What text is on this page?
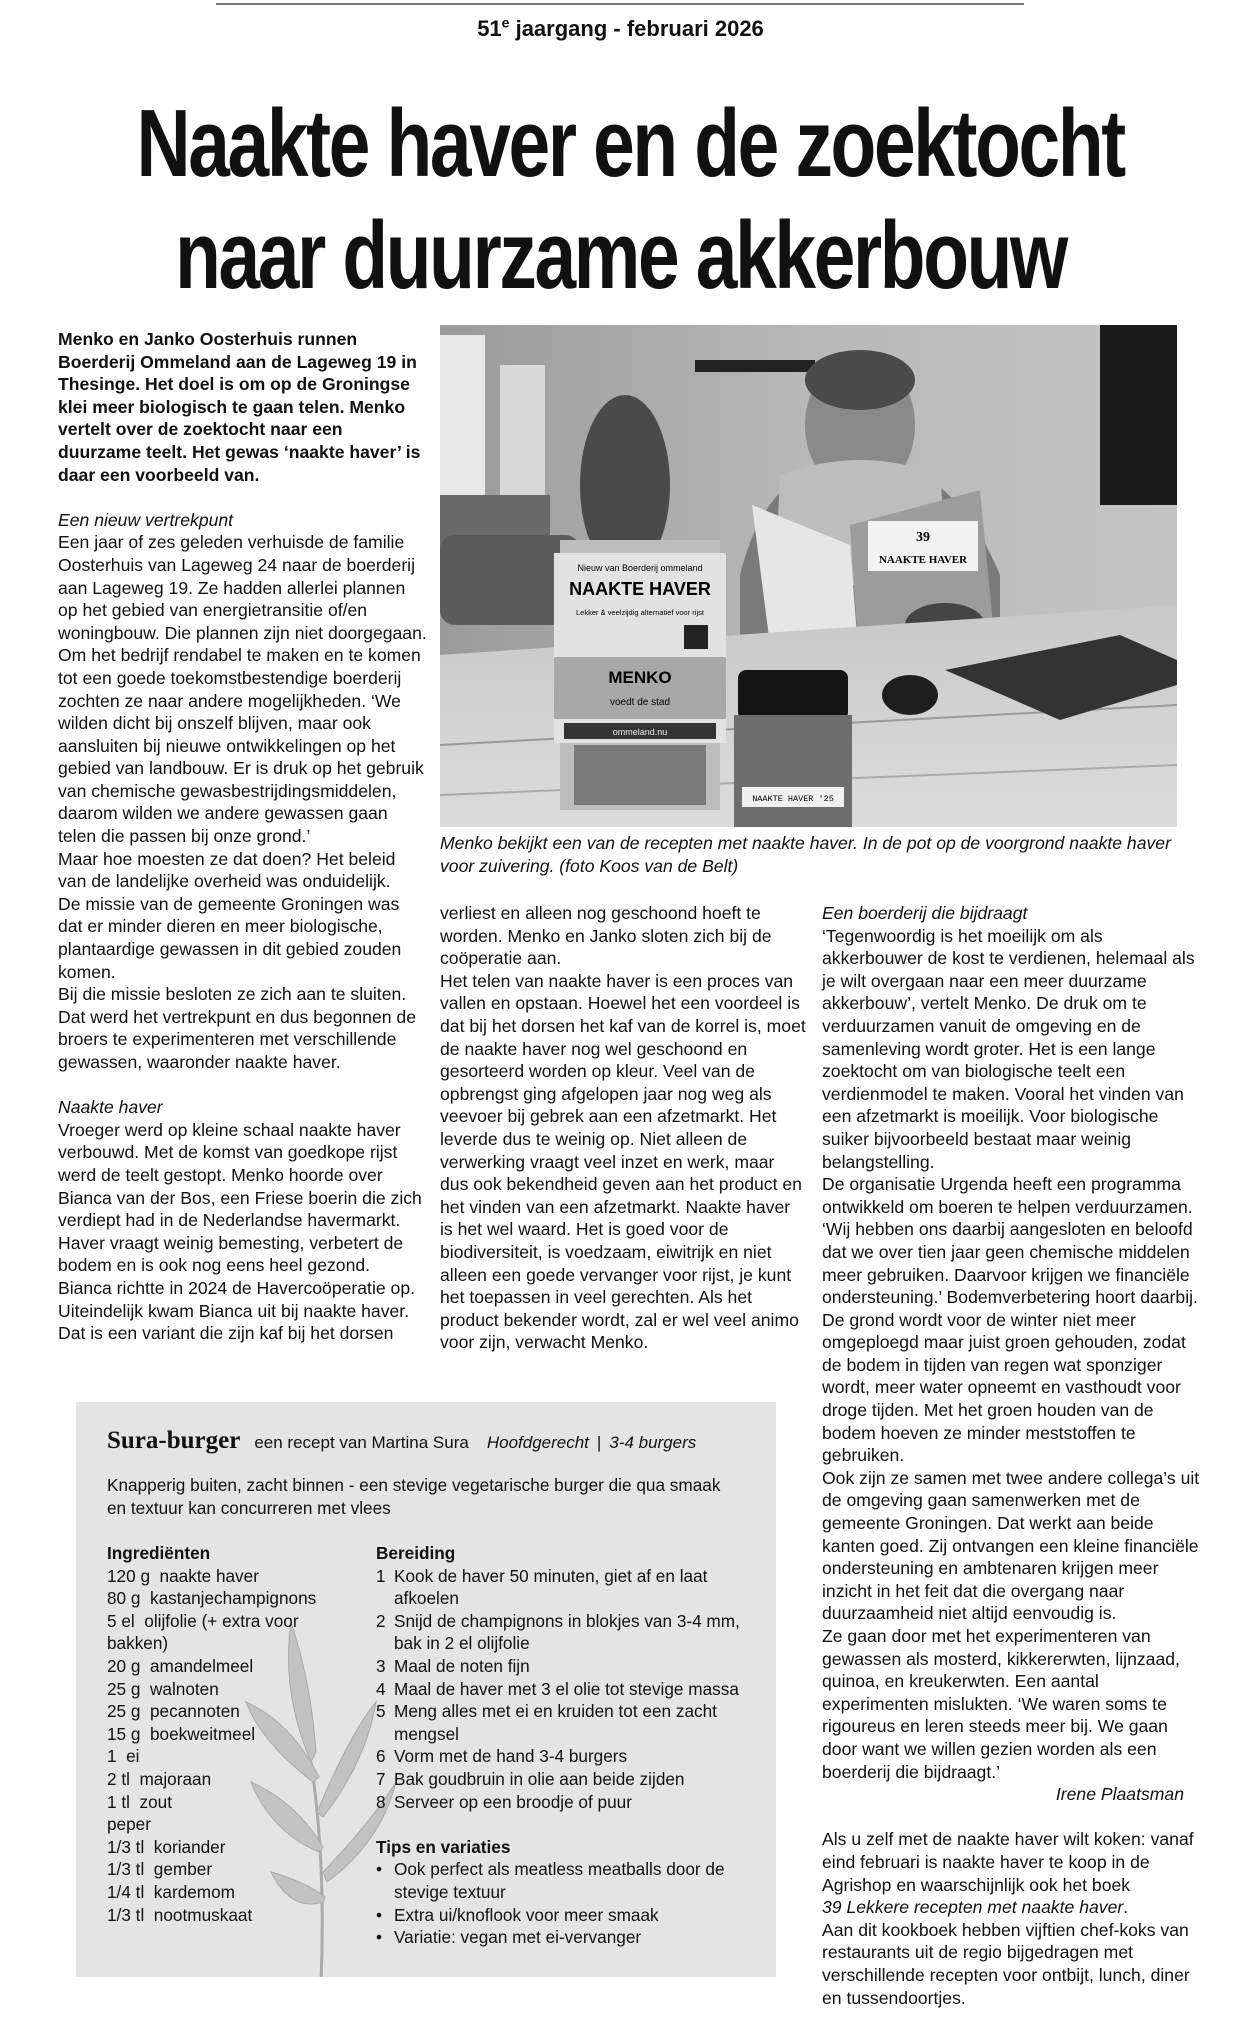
51e jaargang - februari 2026
Naakte haver en de zoektocht
naar duurzame akkerbouw

Menko en Janko Oosterhuis runnen Boerderij Ommeland aan de Lageweg 19 in Thesinge. Het doel is om op de Groningse klei meer biologisch te gaan telen. Menko vertelt over de zoektocht naar een duurzame teelt. Het gewas ‘naakte haver’ is daar een voorbeeld van.

Een nieuw vertrekpunt

Een jaar of zes geleden verhuisde de familie Oosterhuis van Lageweg 24 naar de boerderij aan Lageweg 19. Ze hadden allerlei plannen op het gebied van energietransitie of/en woningbouw. Die plannen zijn niet doorgegaan. Om het bedrijf rendabel te maken en te komen tot een goede toekomstbestendige boerderij zochten ze naar andere mogelijkheden. ‘We wilden dicht bij onszelf blijven, maar ook aansluiten bij nieuwe ontwikkelingen op het gebied van landbouw. Er is druk op het gebruik van chemische gewasbestrijdingsmiddelen, daarom wilden we andere gewassen gaan telen die passen bij onze grond.’

Maar hoe moesten ze dat doen? Het beleid van de landelijke overheid was onduidelijk.

De missie van de gemeente Groningen was dat er minder dieren en meer biologische, plantaardige gewassen in dit gebied zouden komen.

Bij die missie besloten ze zich aan te sluiten. Dat werd het vertrekpunt en dus begonnen de broers te experimenteren met verschillende gewassen, waaronder naakte haver.

Naakte haver

Vroeger werd op kleine schaal naakte haver verbouwd. Met de komst van goedkope rijst werd de teelt gestopt. Menko hoorde over Bianca van der Bos, een Friese boerin die zich verdiept had in de Nederlandse havermarkt. Haver vraagt weinig bemesting, verbetert de bodem en is ook nog eens heel gezond.

Bianca richtte in 2024 de Havercoöperatie op. Uiteindelijk kwam Bianca uit bij naakte haver. Dat is een variant die zijn kaf bij het dorsen

39
NAAKTE HAVER
Nieuw van Boerderij ommeland
NAAKTE HAVER
Lekker & veelzijdig alternatief voor rijst
MENKO
voedt de stad
ommeland.nu
NAAKTE HAVER '25
Menko bekijkt een van de recepten met naakte haver. In de pot op de voorgrond naakte haver voor zuivering. (foto Koos van de Belt)

verliest en alleen nog geschoond hoeft te worden. Menko en Janko sloten zich bij de coöperatie aan.

Het telen van naakte haver is een proces van vallen en opstaan. Hoewel het een voordeel is dat bij het dorsen het kaf van de korrel is, moet de naakte haver nog wel geschoond en gesorteerd worden op kleur. Veel van de opbrengst ging afgelopen jaar nog weg als veevoer bij gebrek aan een afzetmarkt. Het leverde dus te weinig op. Niet alleen de verwerking vraagt veel inzet en werk, maar dus ook bekendheid geven aan het product en het vinden van een afzetmarkt. Naakte haver is het wel waard. Het is goed voor de biodiversiteit, is voedzaam, eiwitrijk en niet alleen een goede vervanger voor rijst, je kunt het toepassen in veel gerechten. Als het product bekender wordt, zal er wel veel animo voor zijn, verwacht Menko.

Een boerderij die bijdraagt

‘Tegenwoordig is het moeilijk om als akkerbouwer de kost te verdienen, helemaal als je wilt overgaan naar een meer duurzame akkerbouw’, vertelt Menko. De druk om te verduurzamen vanuit de omgeving en de samenleving wordt groter. Het is een lange zoektocht om van biologische teelt een verdienmodel te maken. Vooral het vinden van een afzetmarkt is moeilijk. Voor biologische suiker bijvoorbeeld bestaat maar weinig belangstelling.

De organisatie Urgenda heeft een programma ontwikkeld om boeren te helpen verduurzamen. ‘Wij hebben ons daarbij aangesloten en beloofd dat we over tien jaar geen chemische middelen meer gebruiken. Daarvoor krijgen we financiële ondersteuning.’ Bodemverbetering hoort daarbij. De grond wordt voor de winter niet meer omgeploegd maar juist groen gehouden, zodat de bodem in tijden van regen wat sponziger wordt, meer water opneemt en vasthoudt voor droge tijden. Met het groen houden van de bodem hoeven ze minder meststoffen te gebruiken.

Ook zijn ze samen met twee andere collega’s uit de omgeving gaan samenwerken met de gemeente Groningen. Dat werkt aan beide kanten goed. Zij ontvangen een kleine financiële ondersteuning en ambtenaren krijgen meer inzicht in het feit dat die overgang naar duurzaamheid niet altijd eenvoudig is.

Ze gaan door met het experimenteren van gewassen als mosterd, kikkererwten, lijnzaad, quinoa, en kreukerwten. Een aantal experimenten mislukten. ‘We waren soms te rigoureus en leren steeds meer bij. We gaan door want we willen gezien worden als een boerderij die bijdraagt.’

Irene Plaatsman

Als u zelf met de naakte haver wilt koken: vanaf eind februari is naakte haver te koop in de Agrishop en waarschijnlijk ook het boek
39 Lekkere recepten met naakte haver.

Aan dit kookboek hebben vijftien chef-koks van restaurants uit de regio bijgedragen met verschillende recepten voor ontbijt, lunch, diner en tussendoortjes.

Sura-burger een recept van Martina Sura Hoofdgerecht | 3-4 burgers
Knapperig buiten, zacht binnen - een stevige vegetarische burger die qua smaak en textuur kan concurreren met vlees
Ingrediënten
120 g  naakte haver
80 g  kastanjechampignons
5 el  olijfolie (+ extra voor bakken)
20 g  amandelmeel
25 g  walnoten
25 g  pecannoten
15 g  boekweitmeel
1  ei
2 tl  majoraan
1 tl  zout
peper
1/3 tl  koriander
1/3 tl  gember
1/4 tl  kardemom
1/3 tl  nootmuskaat
Bereiding
1 Kook de haver 50 minuten, giet af en laat afkoelen
2 Snijd de champignons in blokjes van 3-4 mm, bak in 2 el olijfolie
3 Maal de noten fijn
4 Maal de haver met 3 el olie tot stevige massa
5 Meng alles met ei en kruiden tot een zacht mengsel
6 Vorm met de hand 3-4 burgers
7 Bak goudbruin in olie aan beide zijden
8 Serveer op een broodje of puur
Tips en variaties
• Ook perfect als meatless meatballs door de stevige textuur
• Extra ui/knoflook voor meer smaak
• Variatie: vegan met ei-vervanger
